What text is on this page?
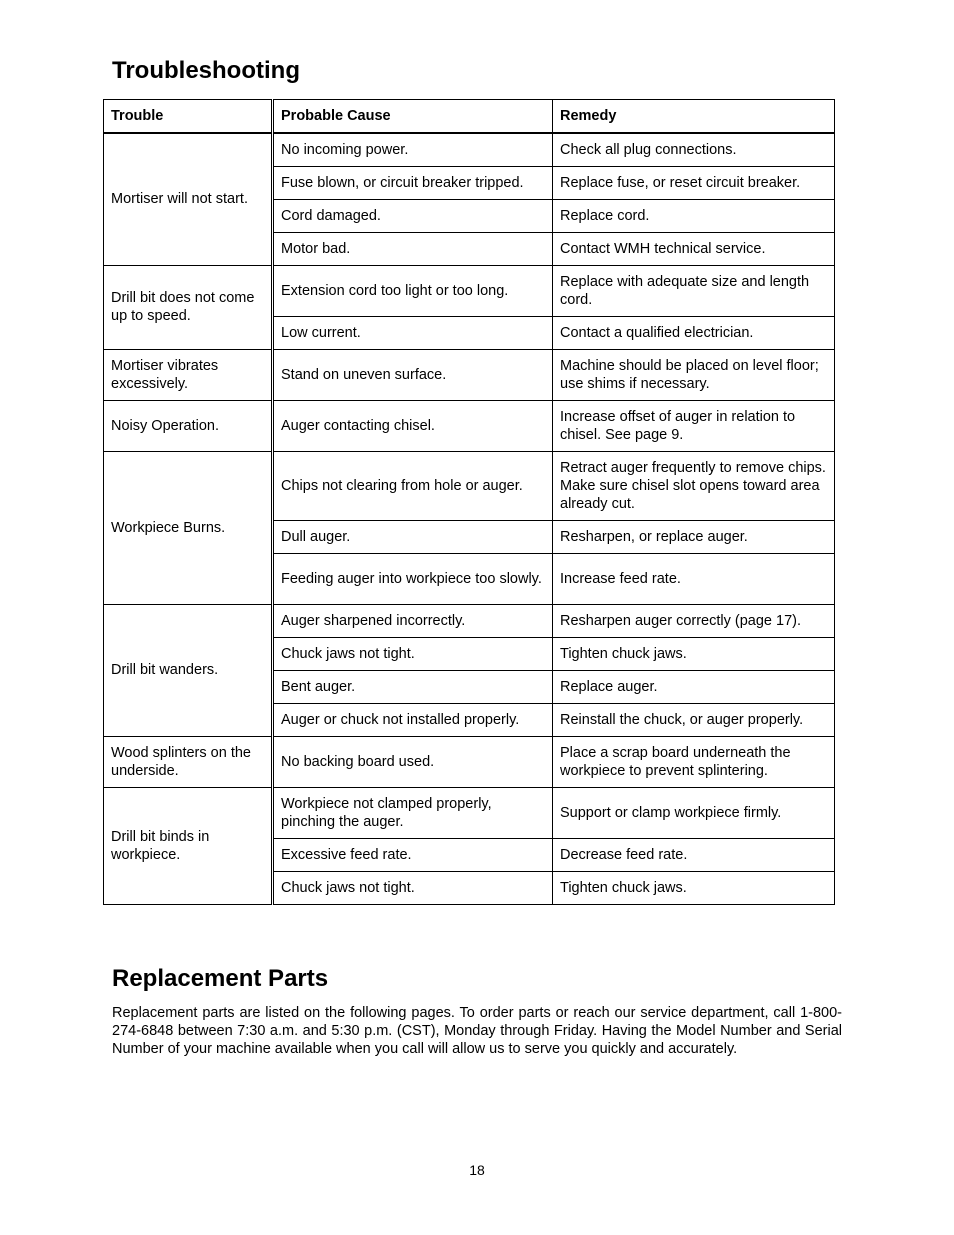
Troubleshooting
Trouble	Probable Cause	Remedy
Mortiser will not start.	No incoming power.	Check all plug connections.
	Fuse blown, or circuit breaker tripped.	Replace fuse, or reset circuit breaker.
	Cord damaged.	Replace cord.
	Motor bad.	Contact WMH technical service.
Drill bit does not come up to speed.	Extension cord too light or too long.	Replace with adequate size and length cord.
	Low current.	Contact a qualified electrician.
Mortiser vibrates excessively.	Stand on uneven surface.	Machine should be placed on level floor; use shims if necessary.
Noisy Operation.	Auger contacting chisel.	Increase offset of auger in relation to chisel. See page 9.
Workpiece Burns.	Chips not clearing from hole or auger.	Retract auger frequently to remove chips. Make sure chisel slot opens toward area already cut.
	Dull auger.	Resharpen, or replace auger.
	Feeding auger into workpiece too slowly.	Increase feed rate.
Drill bit wanders.	Auger sharpened incorrectly.	Resharpen auger correctly (page 17).
	Chuck jaws not tight.	Tighten chuck jaws.
	Bent auger.	Replace auger.
	Auger or chuck not installed properly.	Reinstall the chuck, or auger properly.
Wood splinters on the underside.	No backing board used.	Place a scrap board underneath the workpiece to prevent splintering.
Drill bit binds in workpiece.	Workpiece not clamped properly, pinching the auger.	Support or clamp workpiece firmly.
	Excessive feed rate.	Decrease feed rate.
	Chuck jaws not tight.	Tighten chuck jaws.
Replacement Parts

Replacement parts are listed on the following pages. To order parts or reach our service department, call 1-800-274-6848 between 7:30 a.m. and 5:30 p.m. (CST), Monday through Friday. Having the Model Number and Serial Number of your machine available when you call will allow us to serve you quickly and accurately.

18
